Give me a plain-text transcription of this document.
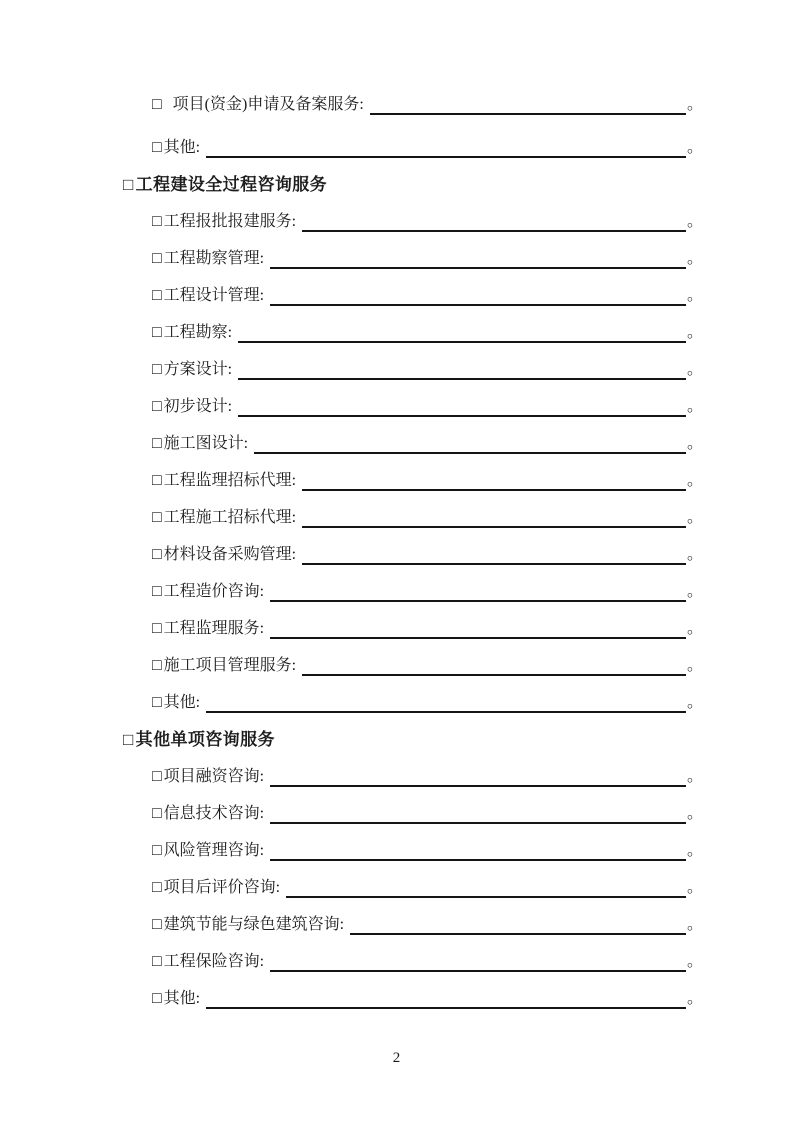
□ 项目(资金)申请及备案服务:	。
□ 其他:	。
□ 工程建设全过程咨询服务
□ 工程报批报建服务:	。
□ 工程勘察管理:	。
□ 工程设计管理:	。
□ 工程勘察:	。
□ 方案设计:	。
□ 初步设计:	。
□ 施工图设计:	。
□ 工程监理招标代理:	。
□ 工程施工招标代理:	。
□ 材料设备采购管理:	。
□ 工程造价咨询:	。
□ 工程监理服务:	。
□ 施工项目管理服务:	。
□ 其他:	。
□ 其他单项咨询服务
□ 项目融资咨询:	。
□ 信息技术咨询:	。
□ 风险管理咨询:	。
□ 项目后评价咨询:	。
□ 建筑节能与绿色建筑咨询:	。
□ 工程保险咨询:	。
□ 其他:	。
2
